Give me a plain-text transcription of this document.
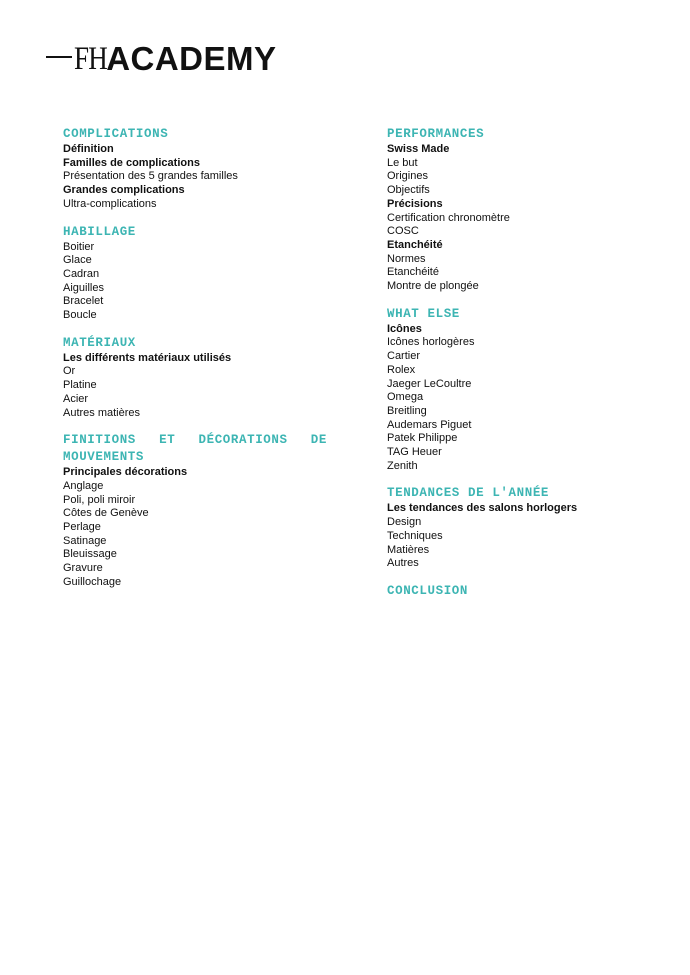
FHACADEMY
COMPLICATIONS
Définition
Familles de complications
Présentation des 5 grandes familles
Grandes complications
Ultra-complications
HABILLAGE
Boitier
Glace
Cadran
Aiguilles
Bracelet
Boucle
MATÉRIAUX
Les différents matériaux utilisés
Or
Platine
Acier
Autres matières
FINITIONS ET DÉCORATIONS DE MOUVEMENTS
Principales décorations
Anglage
Poli, poli miroir
Côtes de Genève
Perlage
Satinage
Bleuissage
Gravure
Guillochage
PERFORMANCES
Swiss Made
Le but
Origines
Objectifs
Précisions
Certification chronomètre
COSC
Etanchéité
Normes
Etanchéité
Montre de plongée
WHAT ELSE
Icônes
Icônes horlogères
Cartier
Rolex
Jaeger LeCoultre
Omega
Breitling
Audemars Piguet
Patek Philippe
TAG Heuer
Zenith
TENDANCES DE L'ANNÉE
Les tendances des salons horlogers
Design
Techniques
Matières
Autres
CONCLUSION
